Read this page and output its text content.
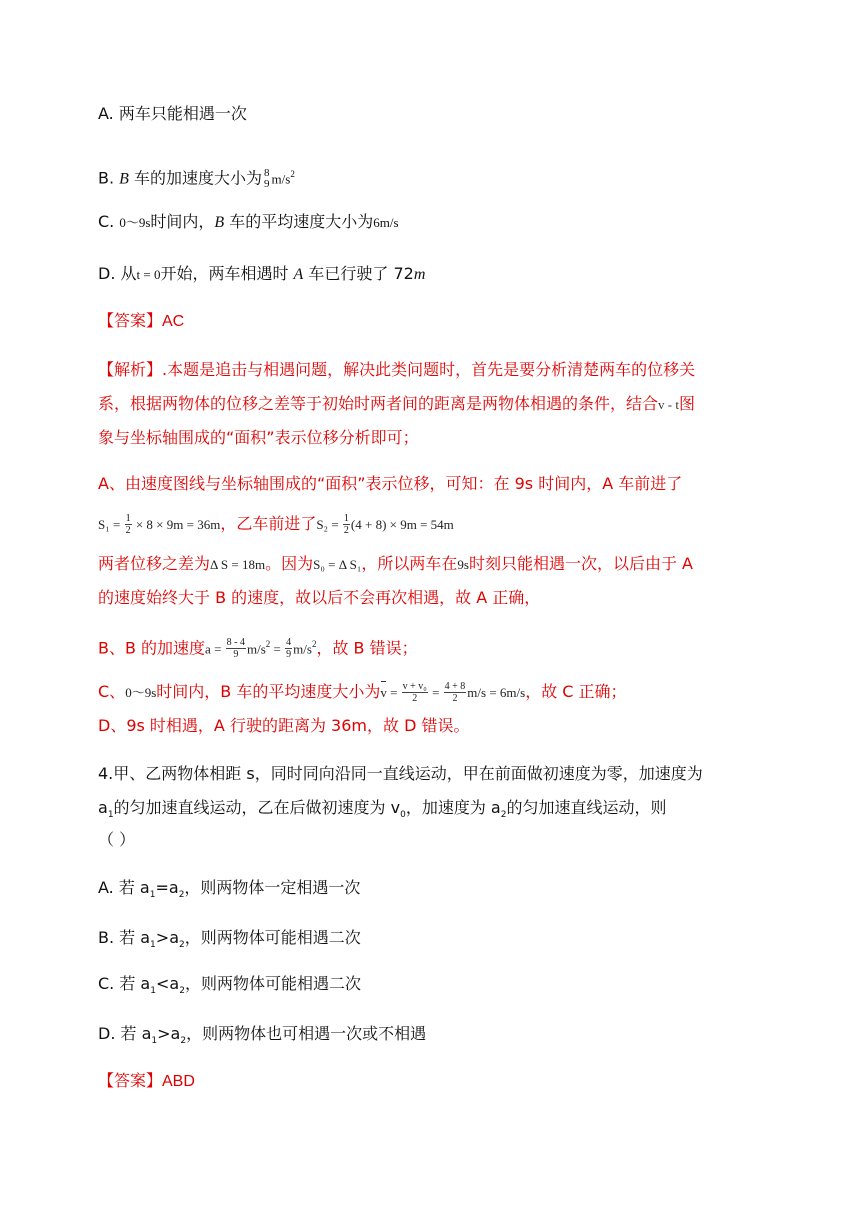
A. 两车只能相遇一次
B. B 车的加速度大小为 8
9 $m/s^2$
C. 0～9s时间内，B 车的平均速度大小为6m/s
D. 从t = 0开始，两车相遇时 A 车已行驶了 72m
【答案】AC
【解析】.本题是追击与相遇问题，解决此类问题时，首先是要分析清楚两车的位移关
系，根据两物体的位移之差等于初始时两者间的距离是两物体相遇的条件，结合v - t图
象与坐标轴围成的“面积”表示位移分析即可；
A、由速度图线与坐标轴围成的“面积”表示位移，可知：在 9s 时间内，A 车前进了
$S_1 = \frac{1}{2} \times 8 \times 9m = 36m$，乙车前进了$S_2 = \frac{1}{2} (4 + 8) \times 9m = 54m$
两者位移之差为Δ S = 18m。因为S₀ = Δ S₁，所以两车在9s时刻只能相遇一次，以后由于 A
的速度始终大于 B 的速度，故以后不会再次相遇，故 A 正确，
B、B 的加速度$a = \frac{8 - 4}{9} m/s^2 = \frac{4}{9} m/s^2$，故 B 错误；
C、0～9s时间内，B 车的平均速度大小为$v = \frac{\text{v + v₀}}{2} = \frac{4 + 8}{2} m/s = 6m/s$，故 C 正确；
D、9s 时相遇，A 行驶的距离为 36m，故 D 错误。
4.甲、乙两物体相距 s，同时同向沿同一直线运动，甲在前面做初速度为零，加速度为
$a_1$的匀加速直线运动，乙在后做初速度为 $v_0$，加速度为 $a_2$的匀加速直线运动，则
（ ）
A. 若 $a_1=a_2$，则两物体一定相遇一次
B. 若 $a_1>a_2$，则两物体可能相遇二次
C. 若 $a_1<a_2$，则两物体可能相遇二次
D. 若 $a_1>a_2$，则两物体也可相遇一次或不相遇
【答案】ABD
